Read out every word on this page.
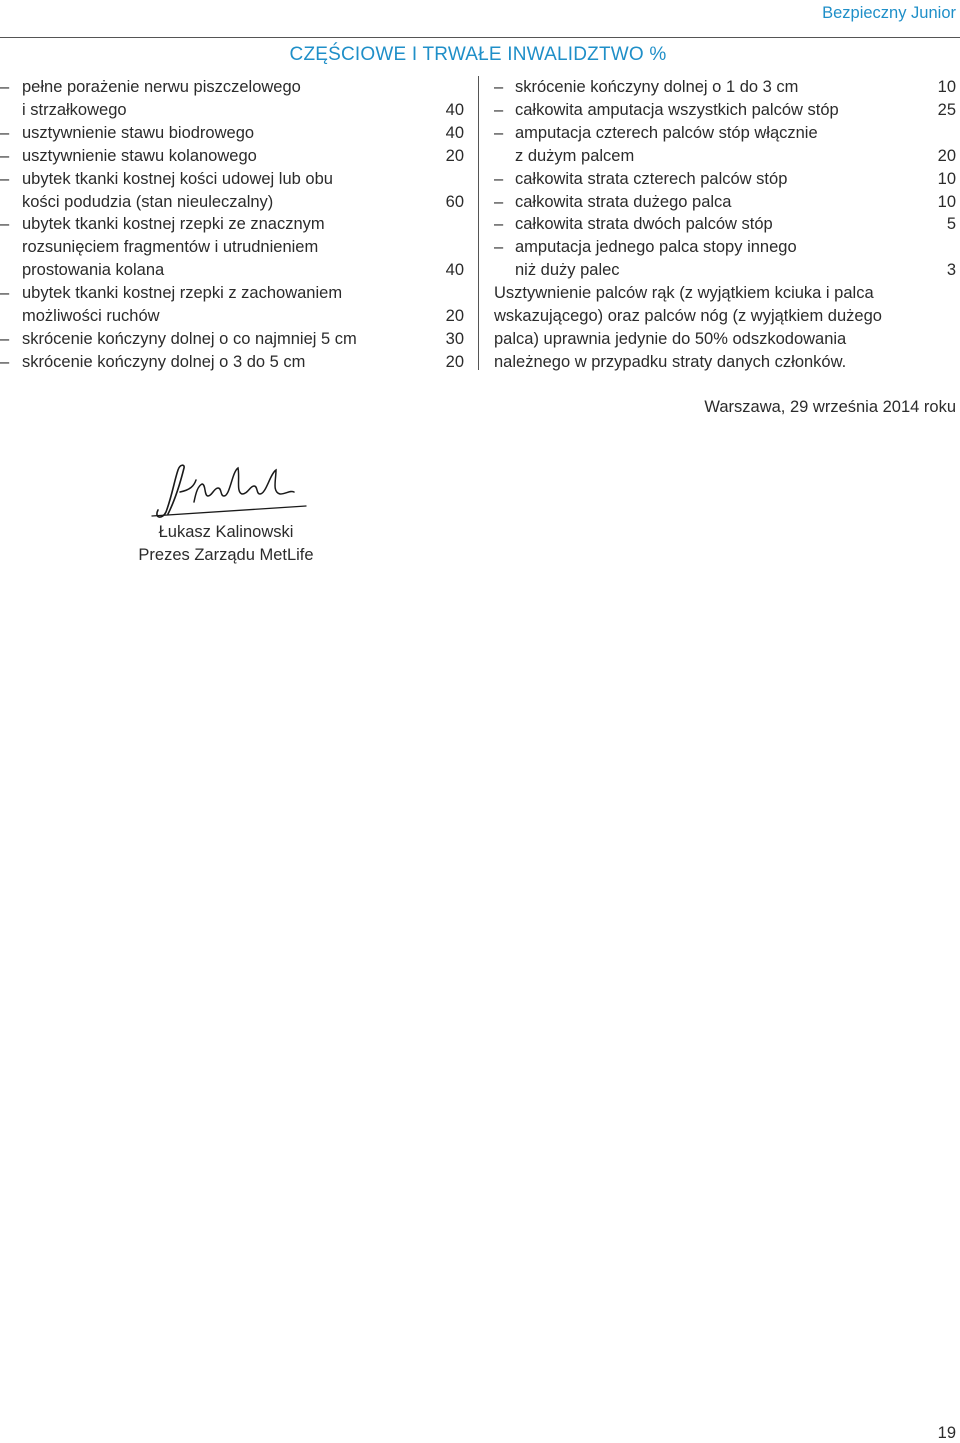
Bezpieczny Junior
CZĘŚCIOWE I TRWAŁE INWALIDZTWO %
– pełne porażenie nerwu piszczelowego
i strzałkowego	40
– usztywnienie stawu biodrowego	40
– usztywnienie stawu kolanowego	20
– ubytek tkanki kostnej kości udowej lub obu
kości podudzia (stan nieuleczalny)	60
– ubytek tkanki kostnej rzepki ze znacznym
rozsunięciem fragmentów i utrudnieniem
prostowania kolana	40
– ubytek tkanki kostnej rzepki z zachowaniem
możliwości ruchów	20
– skrócenie kończyny dolnej o co najmniej 5 cm	30
– skrócenie kończyny dolnej o 3 do 5 cm	20
– skrócenie kończyny dolnej o 1 do 3 cm	10
– całkowita amputacja wszystkich palców stóp	25
– amputacja czterech palców stóp włącznie
z dużym palcem	20
– całkowita strata czterech palców stóp	10
– całkowita strata dużego palca	10
– całkowita strata dwóch palców stóp	5
– amputacja jednego palca stopy innego
niż duży palec	3
Usztywnienie palców rąk (z wyjątkiem kciuka i palca
wskazującego) oraz palców nóg (z wyjątkiem dużego
palca) uprawnia jedynie do 50% odszkodowania
należnego w przypadku straty danych członków.
Warszawa, 29 września 2014 roku
Łukasz Kalinowski
Prezes Zarządu MetLife
19
